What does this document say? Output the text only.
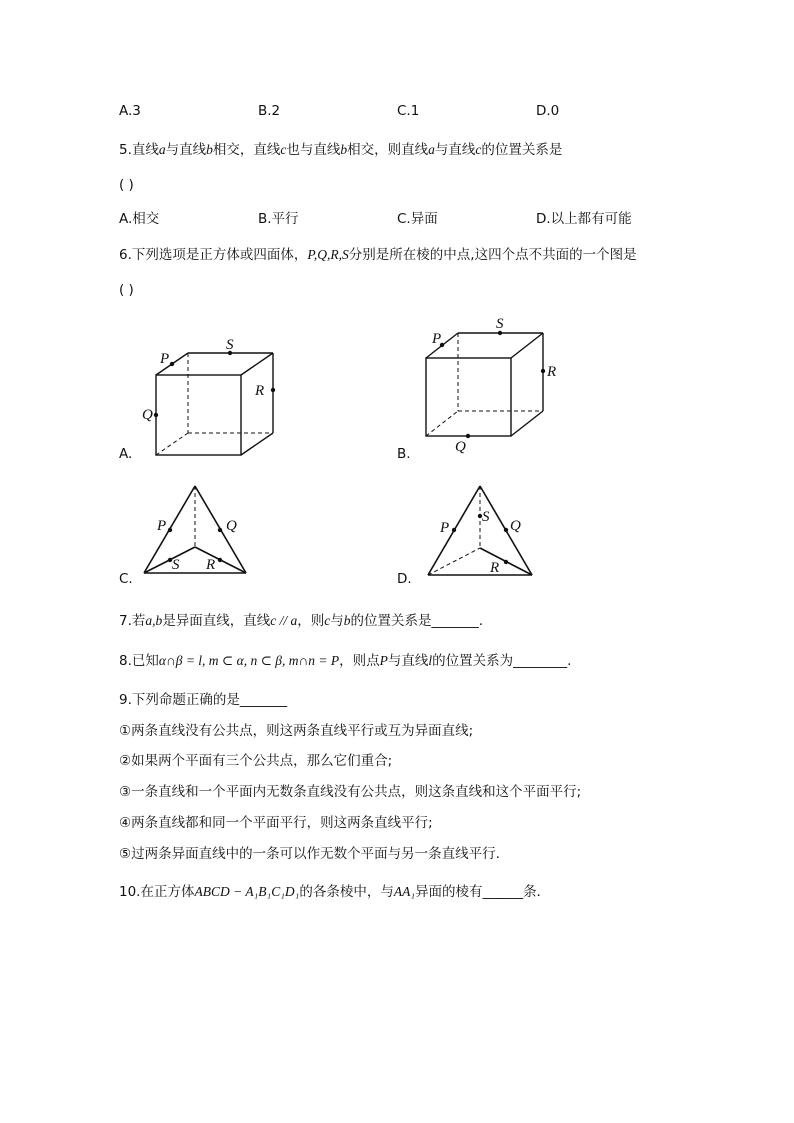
A.3	B.2	C.1	D.0
5.直线a与直线b相交，直线c也与直线b相交，则直线a与直线c的位置关系是
( )
A.相交	B.平行	C.异面	D.以上都有可能
6.下列选项是正方体或四面体，P,Q,R,S分别是所在棱的中点,这四个点不共面的一个图是
( )
P
S
R
Q
A.
P
S
R
Q
B.
P	Q
S R
C.
P
S
Q
R
D.
7.若a,b是异面直线，直线c // a，则c与b的位置关系是_______.
8.已知α∩β = l, m ⊂ α, n ⊂ β, m∩n = P，则点P与直线l的位置关系为________.
9.下列命题正确的是_______
①两条直线没有公共点，则这两条直线平行或互为异面直线;
②如果两个平面有三个公共点，那么它们重合;
③一条直线和一个平面内无数条直线没有公共点，则这条直线和这个平面平行;
④两条直线都和同一个平面平行，则这两条直线平行;
⑤过两条异面直线中的一条可以作无数个平面与另一条直线平行.
10.在正方体ABCD − A₁B₁C₁D₁的各条棱中，与AA₁异面的棱有______条.
